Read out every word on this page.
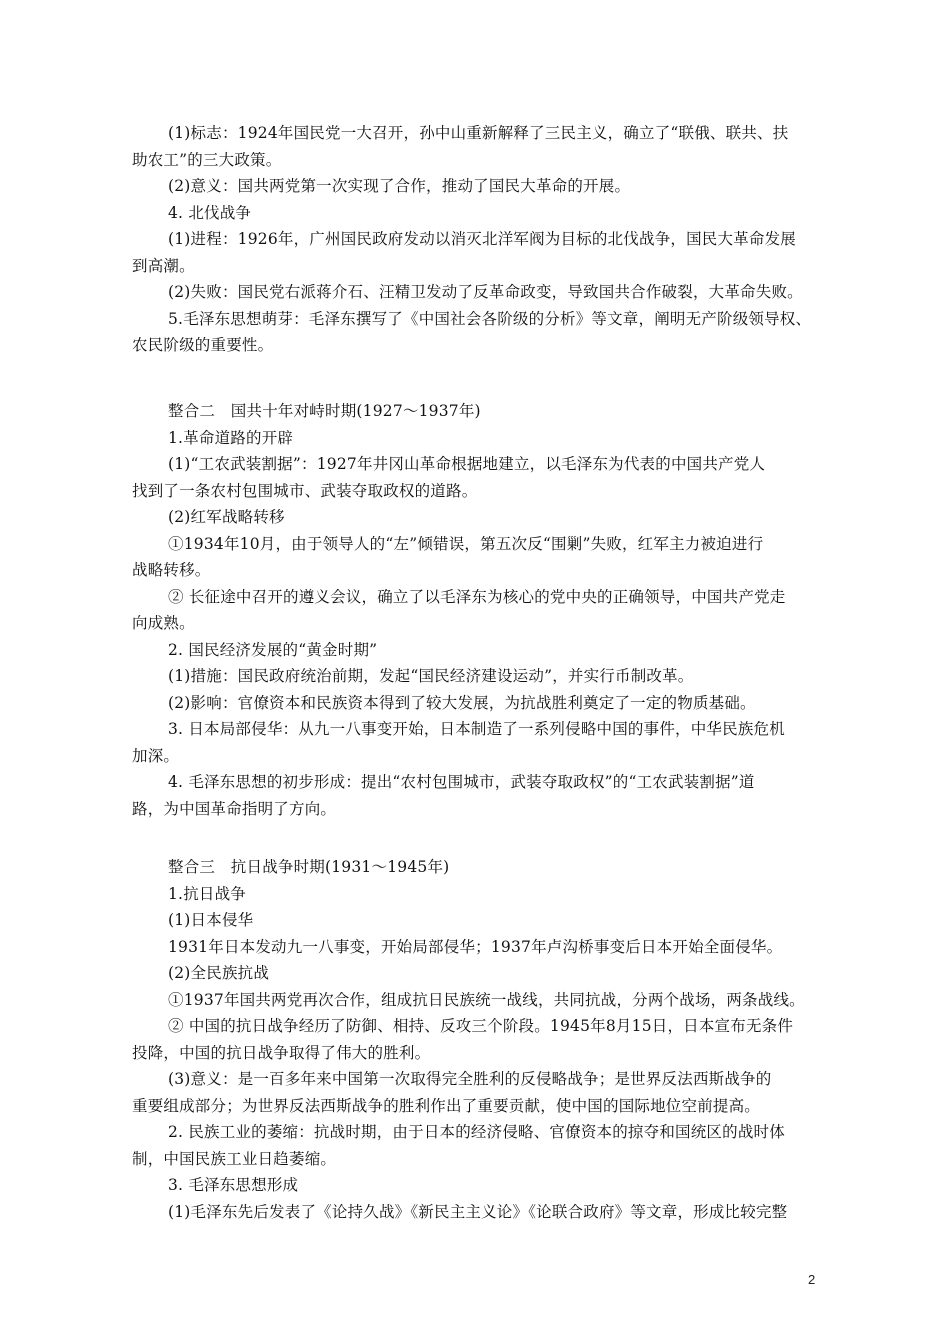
(1)标志：1924年国民党一大召开，孙中山重新解释了三民主义，确立了“联俄、联共、扶
助农工”的三大政策。
(2)意义：国共两党第一次实现了合作，推动了国民大革命的开展。
4. 北伐战争
(1)进程：1926年，广州国民政府发动以消灭北洋军阀为目标的北伐战争，国民大革命发展
到高潮。
(2)失败：国民党右派蒋介石、汪精卫发动了反革命政变，导致国共合作破裂，大革命失败。
5.毛泽东思想萌芽：毛泽东撰写了《中国社会各阶级的分析》等文章，阐明无产阶级领导权、
农民阶级的重要性。
整合二　国共十年对峙时期(1927～1937年)
1.革命道路的开辟
(1)“工农武装割据”：1927年井冈山革命根据地建立，以毛泽东为代表的中国共产党人
找到了一条农村包围城市、武装夺取政权的道路。
(2)红军战略转移
①1934年10月，由于领导人的“左”倾错误，第五次反“围剿”失败，红军主力被迫进行
战略转移。
② 长征途中召开的遵义会议，确立了以毛泽东为核心的党中央的正确领导，中国共产党走
向成熟。
2. 国民经济发展的“黄金时期”
(1)措施：国民政府统治前期，发起“国民经济建设运动”，并实行币制改革。
(2)影响：官僚资本和民族资本得到了较大发展，为抗战胜利奠定了一定的物质基础。
3. 日本局部侵华：从九一八事变开始，日本制造了一系列侵略中国的事件，中华民族危机
加深。
4. 毛泽东思想的初步形成：提出“农村包围城市，武装夺取政权”的“工农武装割据”道
路，为中国革命指明了方向。
整合三　抗日战争时期(1931～1945年)
1.抗日战争
(1)日本侵华
1931年日本发动九一八事变，开始局部侵华；1937年卢沟桥事变后日本开始全面侵华。
(2)全民族抗战
①1937年国共两党再次合作，组成抗日民族统一战线，共同抗战，分两个战场，两条战线。
② 中国的抗日战争经历了防御、相持、反攻三个阶段。1945年8月15日，日本宣布无条件
投降，中国的抗日战争取得了伟大的胜利。
(3)意义：是一百多年来中国第一次取得完全胜利的反侵略战争；是世界反法西斯战争的
重要组成部分；为世界反法西斯战争的胜利作出了重要贡献，使中国的国际地位空前提高。
2. 民族工业的萎缩：抗战时期，由于日本的经济侵略、官僚资本的掠夺和国统区的战时体
制，中国民族工业日趋萎缩。
3. 毛泽东思想形成
(1)毛泽东先后发表了《论持久战》《新民主主义论》《论联合政府》等文章，形成比较完整
2
